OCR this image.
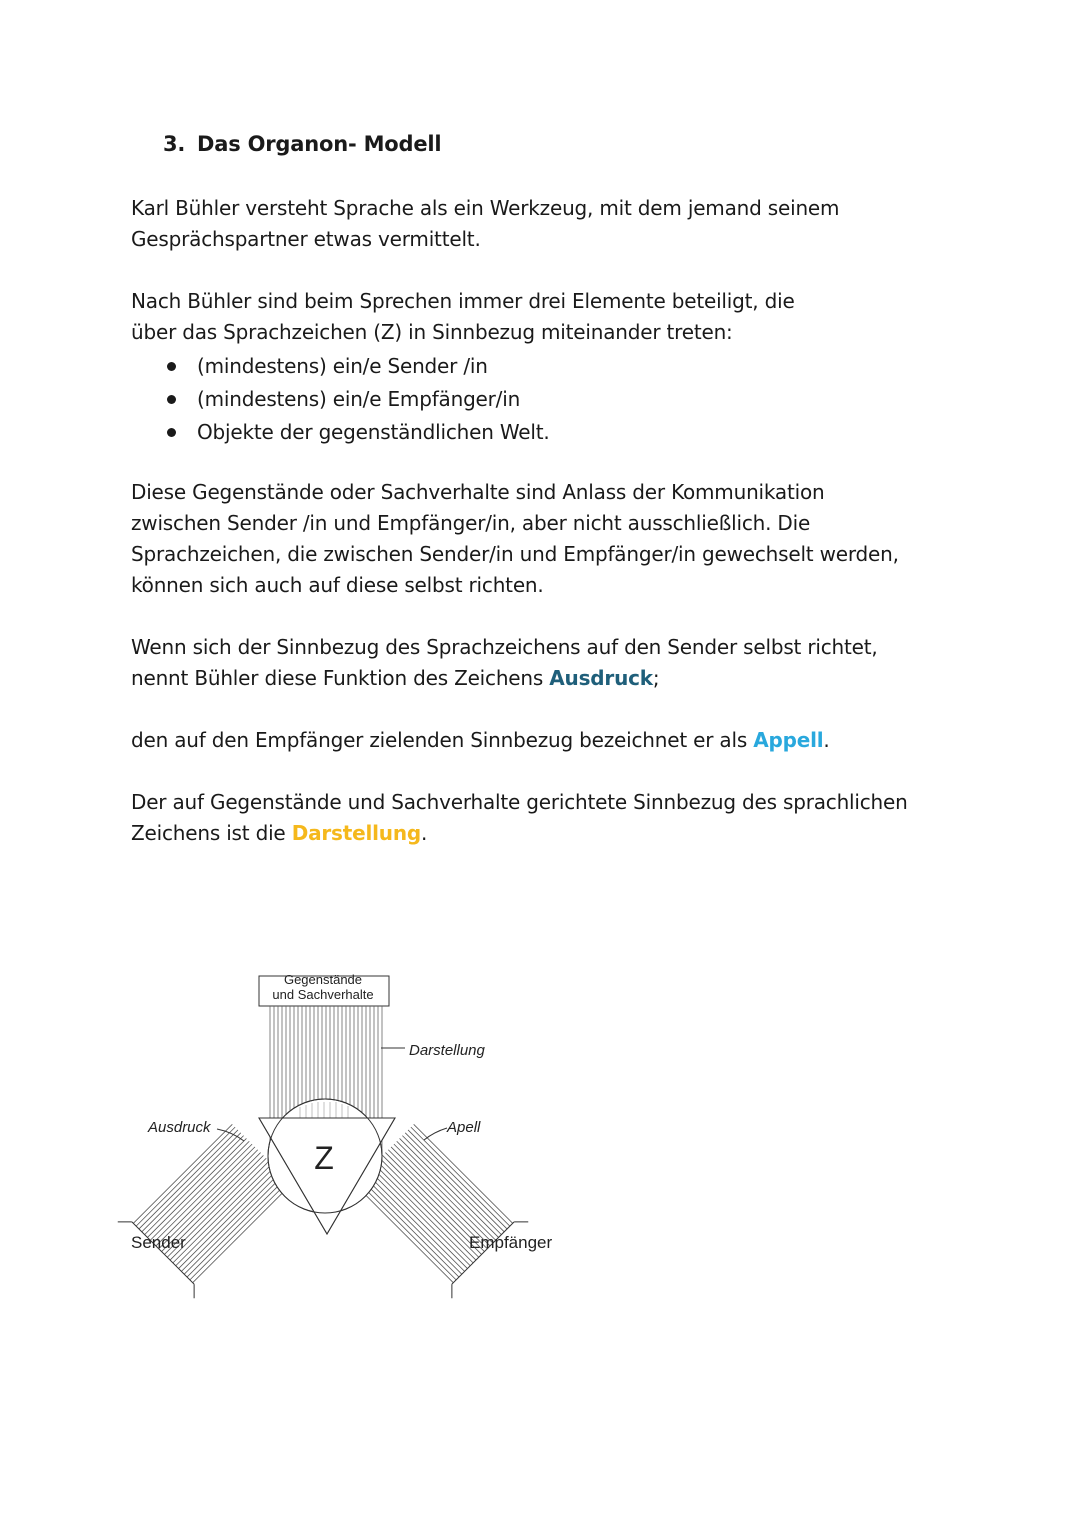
3. Das Organon- Modell
Karl Bühler versteht Sprache als ein Werkzeug, mit dem jemand seinem
Gesprächspartner etwas vermittelt.
Nach Bühler sind beim Sprechen immer drei Elemente beteiligt, die
über das Sprachzeichen (Z) in Sinnbezug miteinander treten:
(mindestens) ein/e Sender /in
(mindestens) ein/e Empfänger/in
Objekte der gegenständlichen Welt.
Diese Gegenstände oder Sachverhalte sind Anlass der Kommunikation
zwischen Sender /in und Empfänger/in, aber nicht ausschließlich. Die
Sprachzeichen, die zwischen Sender/in und Empfänger/in gewechselt werden,
können sich auch auf diese selbst richten.
Wenn sich der Sinnbezug des Sprachzeichens auf den Sender selbst richtet,
nennt Bühler diese Funktion des Zeichens Ausdruck;
den auf den Empfänger zielenden Sinnbezug bezeichnet er als Appell.
Der auf Gegenstände und Sachverhalte gerichtete Sinnbezug des sprachlichen
Zeichens ist die Darstellung.
Gegenstände
und Sachverhalte
Z
Darstellung
Ausdruck	Apell
Sender	Empfänger
